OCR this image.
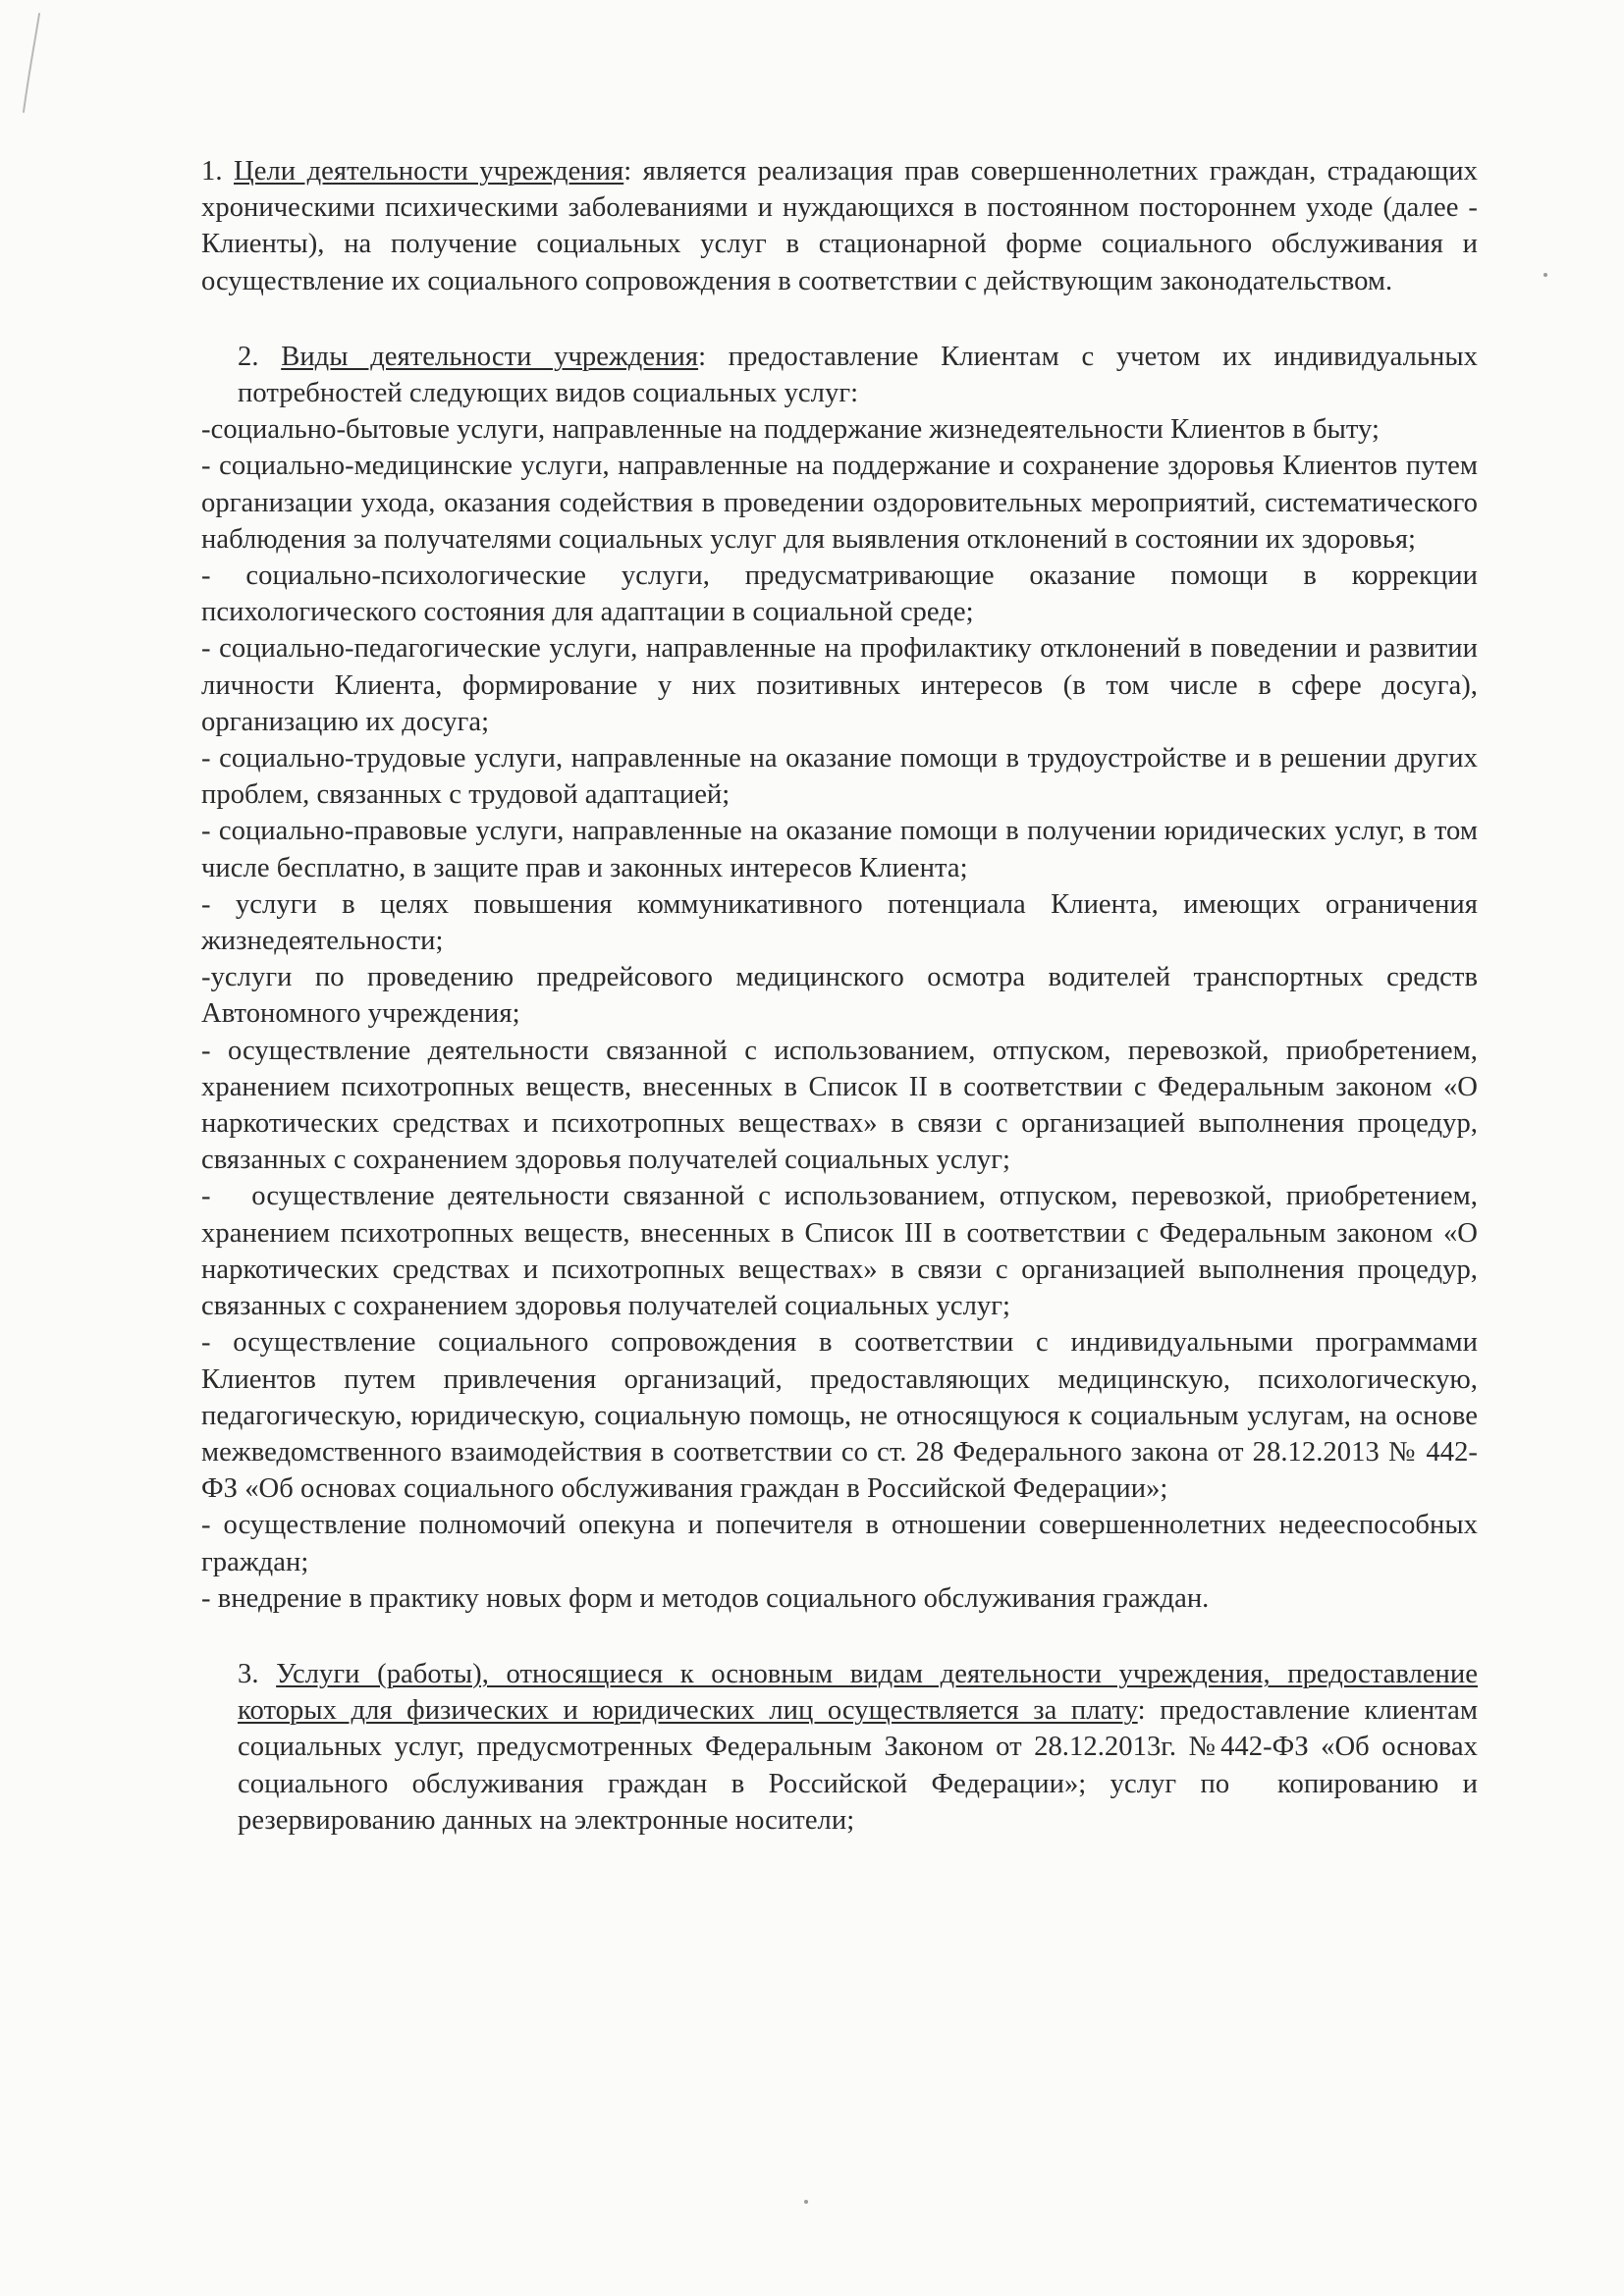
1. Цели деятельности учреждения: является реализация прав совершеннолетних граждан, страдающих хроническими психическими заболеваниями и нуждающихся в постоянном постороннем уходе (далее - Клиенты), на получение социальных услуг в стационарной форме социального обслуживания и осуществление их социального сопровождения в соответствии с действующим законодательством.

2. Виды деятельности учреждения: предоставление Клиентам с учетом их индивидуальных потребностей следующих видов социальных услуг:

-социально-бытовые услуги, направленные на поддержание жизнедеятельности Клиентов в быту;

- социально-медицинские услуги, направленные на поддержание и сохранение здоровья Клиентов путем организации ухода, оказания содействия в проведении оздоровительных мероприятий, систематического наблюдения за получателями социальных услуг для выявления отклонений в состоянии их здоровья;

- социально-психологические услуги, предусматривающие оказание помощи в коррекции психологического состояния для адаптации в социальной среде;

- социально-педагогические услуги, направленные на профилактику отклонений в поведении и развитии личности Клиента, формирование у них позитивных интересов (в том числе в сфере досуга), организацию их досуга;

- социально-трудовые услуги, направленные на оказание помощи в трудоустройстве и в решении других проблем, связанных с трудовой адаптацией;

- социально-правовые услуги, направленные на оказание помощи в получении юридических услуг, в том числе бесплатно, в защите прав и законных интересов Клиента;

- услуги в целях повышения коммуникативного потенциала Клиента, имеющих ограничения жизнедеятельности;

-услуги по проведению предрейсового медицинского осмотра водителей транспортных средств Автономного учреждения;

- осуществление деятельности связанной с использованием, отпуском, перевозкой, приобретением, хранением психотропных веществ, внесенных в Список II в соответствии с Федеральным законом «О наркотических средствах и психотропных веществах» в связи с организацией выполнения процедур, связанных с сохранением здоровья получателей социальных услуг;

-   осуществление деятельности связанной с использованием, отпуском, перевозкой, приобретением, хранением психотропных веществ, внесенных в Список III в соответствии с Федеральным законом «О наркотических средствах и психотропных веществах» в связи с организацией выполнения процедур, связанных с сохранением здоровья получателей социальных услуг;

- осуществление социального сопровождения в соответствии с индивидуальными программами Клиентов путем привлечения организаций, предоставляющих медицинскую, психологическую, педагогическую, юридическую, социальную помощь, не относящуюся к социальным услугам, на основе межведомственного взаимодействия в соответствии со ст. 28 Федерального закона от 28.12.2013 № 442-ФЗ «Об основах социального обслуживания граждан в Российской Федерации»;

- осуществление полномочий опекуна и попечителя в отношении совершеннолетних недееспособных граждан;

- внедрение в практику новых форм и методов социального обслуживания граждан.

3. Услуги (работы), относящиеся к основным видам деятельности учреждения, предоставление которых для физических и юридических лиц осуществляется за плату: предоставление клиентам социальных услуг, предусмотренных Федеральным Законом от 28.12.2013г. №442-ФЗ «Об основах социального обслуживания граждан в Российской Федерации»; услуг по  копированию и резервированию данных на электронные носители;
